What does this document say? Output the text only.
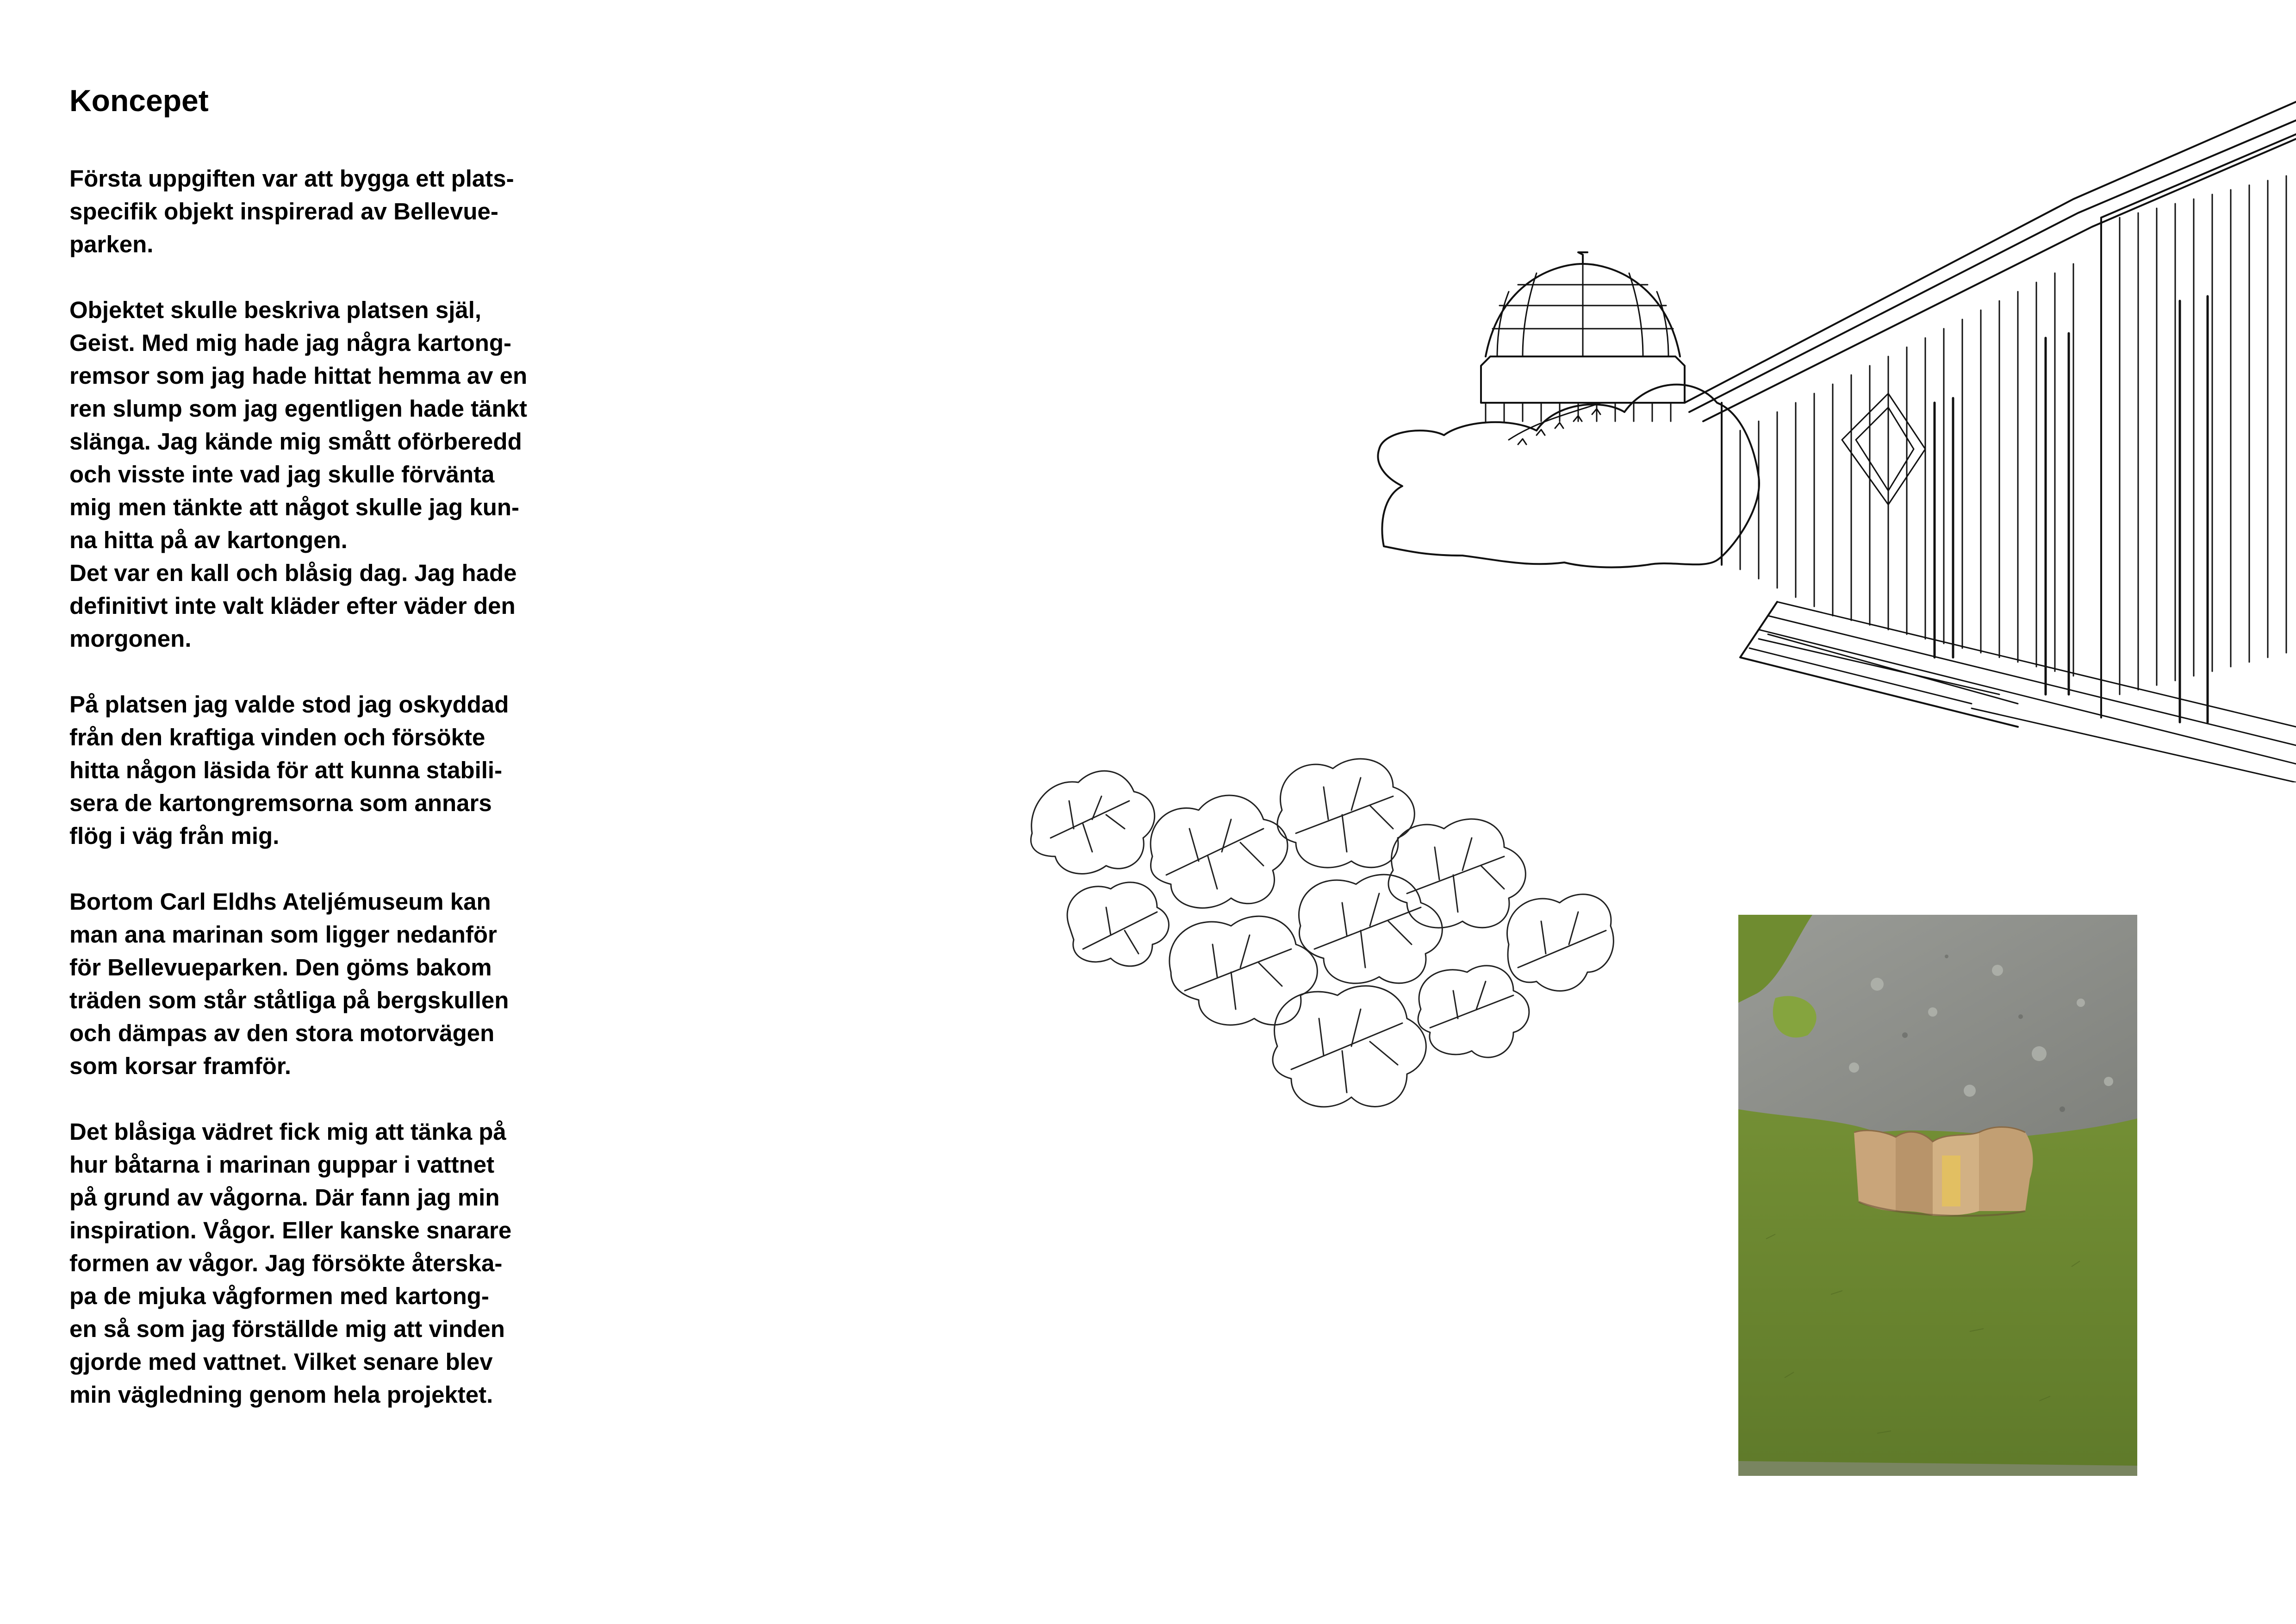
Koncepet

Första uppgiften var att bygga ett plats-
specifik objekt inspirerad av Bellevue-
parken.

Objektet skulle beskriva platsen själ,
Geist. Med mig hade jag några kartong-
remsor som jag hade hittat hemma av en
ren slump som jag egentligen hade tänkt
slänga. Jag kände mig smått oförberedd
och visste inte vad jag skulle förvänta
mig men tänkte att något skulle jag kun-
na hitta på av kartongen.
Det var en kall och blåsig dag. Jag hade
definitivt inte valt kläder efter väder den
morgonen.

På platsen jag valde stod jag oskyddad
från den kraftiga vinden och försökte
hitta någon läsida för att kunna stabili-
sera de kartongremsorna som annars
flög i väg från mig.

Bortom Carl Eldhs Ateljémuseum kan
man ana marinan som ligger nedanför
för Bellevueparken. Den göms bakom
träden som står ståtliga på bergskullen
och dämpas av den stora motorvägen
som korsar framför.

Det blåsiga vädret fick mig att tänka på
hur båtarna i marinan guppar i vattnet
på grund av vågorna. Där fann jag min
inspiration. Vågor. Eller kanske snarare
formen av vågor. Jag försökte återska-
pa de mjuka vågformen med kartong-
en så som jag förställde mig att vinden
gjorde med vattnet. Vilket senare blev
min vägledning genom hela projektet.
